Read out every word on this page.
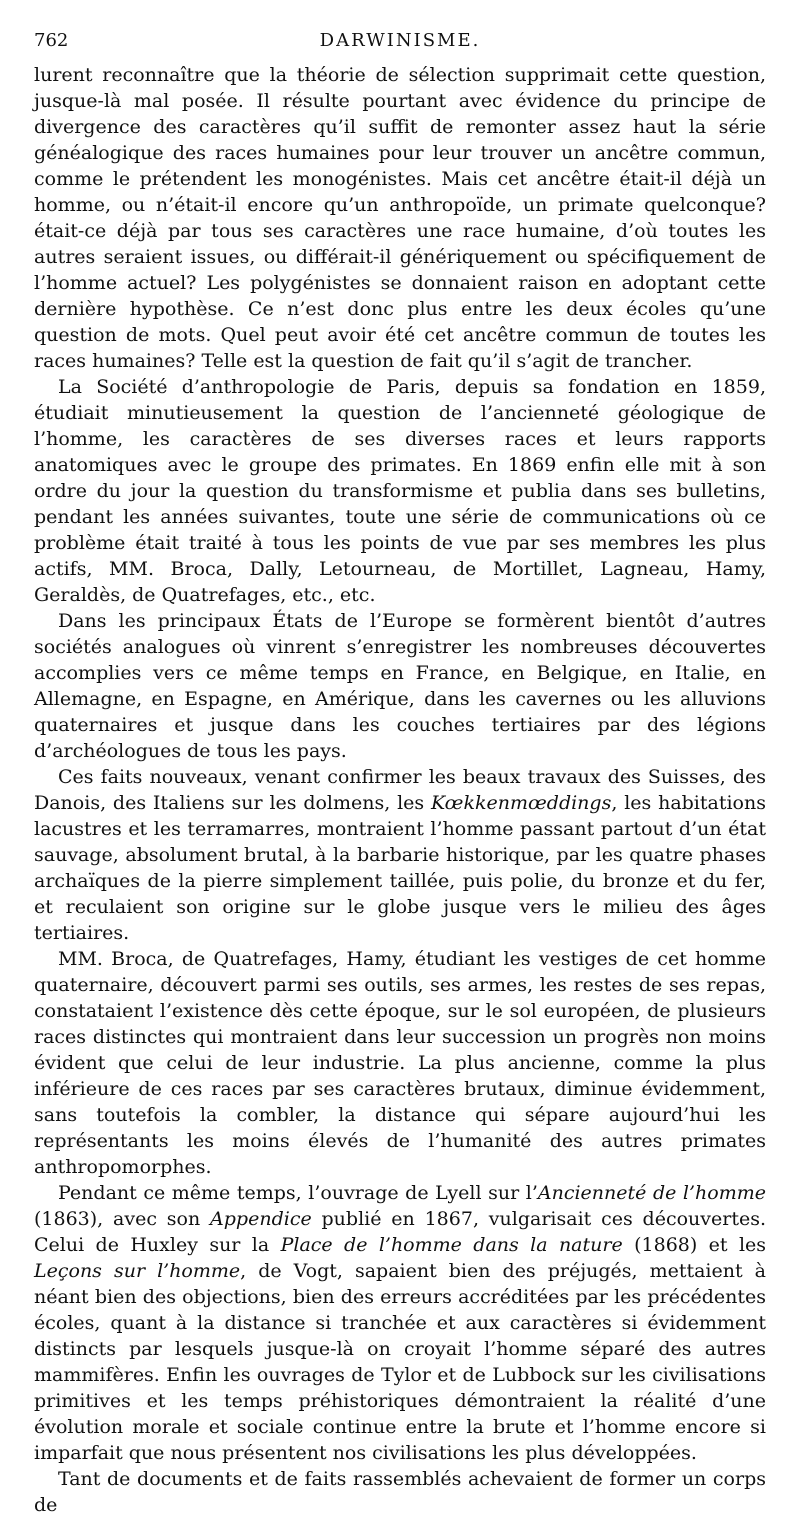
762	DARWINISME.

lurent reconnaître que la théorie de sélection supprimait cette question, jusque-là mal posée. Il résulte pourtant avec évidence du principe de divergence des caractères qu’il suffit de remonter assez haut la série généalogique des races humaines pour leur trouver un ancêtre commun, comme le prétendent les monogénistes. Mais cet ancêtre était-il déjà un homme, ou n’était-il encore qu’un anthropoïde, un primate quelconque? était-ce déjà par tous ses caractères une race humaine, d’où toutes les autres seraient issues, ou différait-il génériquement ou spécifiquement de l’homme actuel? Les polygénistes se donnaient raison en adoptant cette dernière hypothèse. Ce n’est donc plus entre les deux écoles qu’une question de mots. Quel peut avoir été cet ancêtre commun de toutes les races humaines? Telle est la question de fait qu’il s’agit de trancher.

La Société d’anthropologie de Paris, depuis sa fondation en 1859, étudiait minutieusement la question de l’ancienneté géologique de l’homme, les caractères de ses diverses races et leurs rapports anatomiques avec le groupe des primates. En 1869 enfin elle mit à son ordre du jour la question du transformisme et publia dans ses bulletins, pendant les années suivantes, toute une série de communications où ce problème était traité à tous les points de vue par ses membres les plus actifs, MM. Broca, Dally, Letourneau, de Mortillet, Lagneau, Hamy, Geraldès, de Quatrefages, etc., etc.

Dans les principaux États de l’Europe se formèrent bientôt d’autres sociétés analogues où vinrent s’enregistrer les nombreuses découvertes accomplies vers ce même temps en France, en Belgique, en Italie, en Allemagne, en Espagne, en Amérique, dans les cavernes ou les alluvions quaternaires et jusque dans les couches tertiaires par des légions d’archéologues de tous les pays.

Ces faits nouveaux, venant confirmer les beaux travaux des Suisses, des Danois, des Italiens sur les dolmens, les Kœkkenmœddings, les habitations lacustres et les terramarres, montraient l’homme passant partout d’un état sauvage, absolument brutal, à la barbarie historique, par les quatre phases archaïques de la pierre simplement taillée, puis polie, du bronze et du fer, et reculaient son origine sur le globe jusque vers le milieu des âges tertiaires.

MM. Broca, de Quatrefages, Hamy, étudiant les vestiges de cet homme quaternaire, découvert parmi ses outils, ses armes, les restes de ses repas, constataient l’existence dès cette époque, sur le sol européen, de plusieurs races distinctes qui montraient dans leur succession un progrès non moins évident que celui de leur industrie. La plus ancienne, comme la plus inférieure de ces races par ses caractères brutaux, diminue évidemment, sans toutefois la combler, la distance qui sépare aujourd’hui les représentants les moins élevés de l’humanité des autres primates anthropomorphes.

Pendant ce même temps, l’ouvrage de Lyell sur l’Ancienneté de l’homme (1863), avec son Appendice publié en 1867, vulgarisait ces découvertes. Celui de Huxley sur la Place de l’homme dans la nature (1868) et les Leçons sur l’homme, de Vogt, sapaient bien des préjugés, mettaient à néant bien des objections, bien des erreurs accréditées par les précédentes écoles, quant à la distance si tranchée et aux caractères si évidemment distincts par lesquels jusque-là on croyait l’homme séparé des autres mammifères. Enfin les ouvrages de Tylor et de Lubbock sur les civilisations primitives et les temps préhistoriques démontraient la réalité d’une évolution morale et sociale continue entre la brute et l’homme encore si imparfait que nous présentent nos civilisations les plus développées.

Tant de documents et de faits rassemblés achevaient de former un corps de
